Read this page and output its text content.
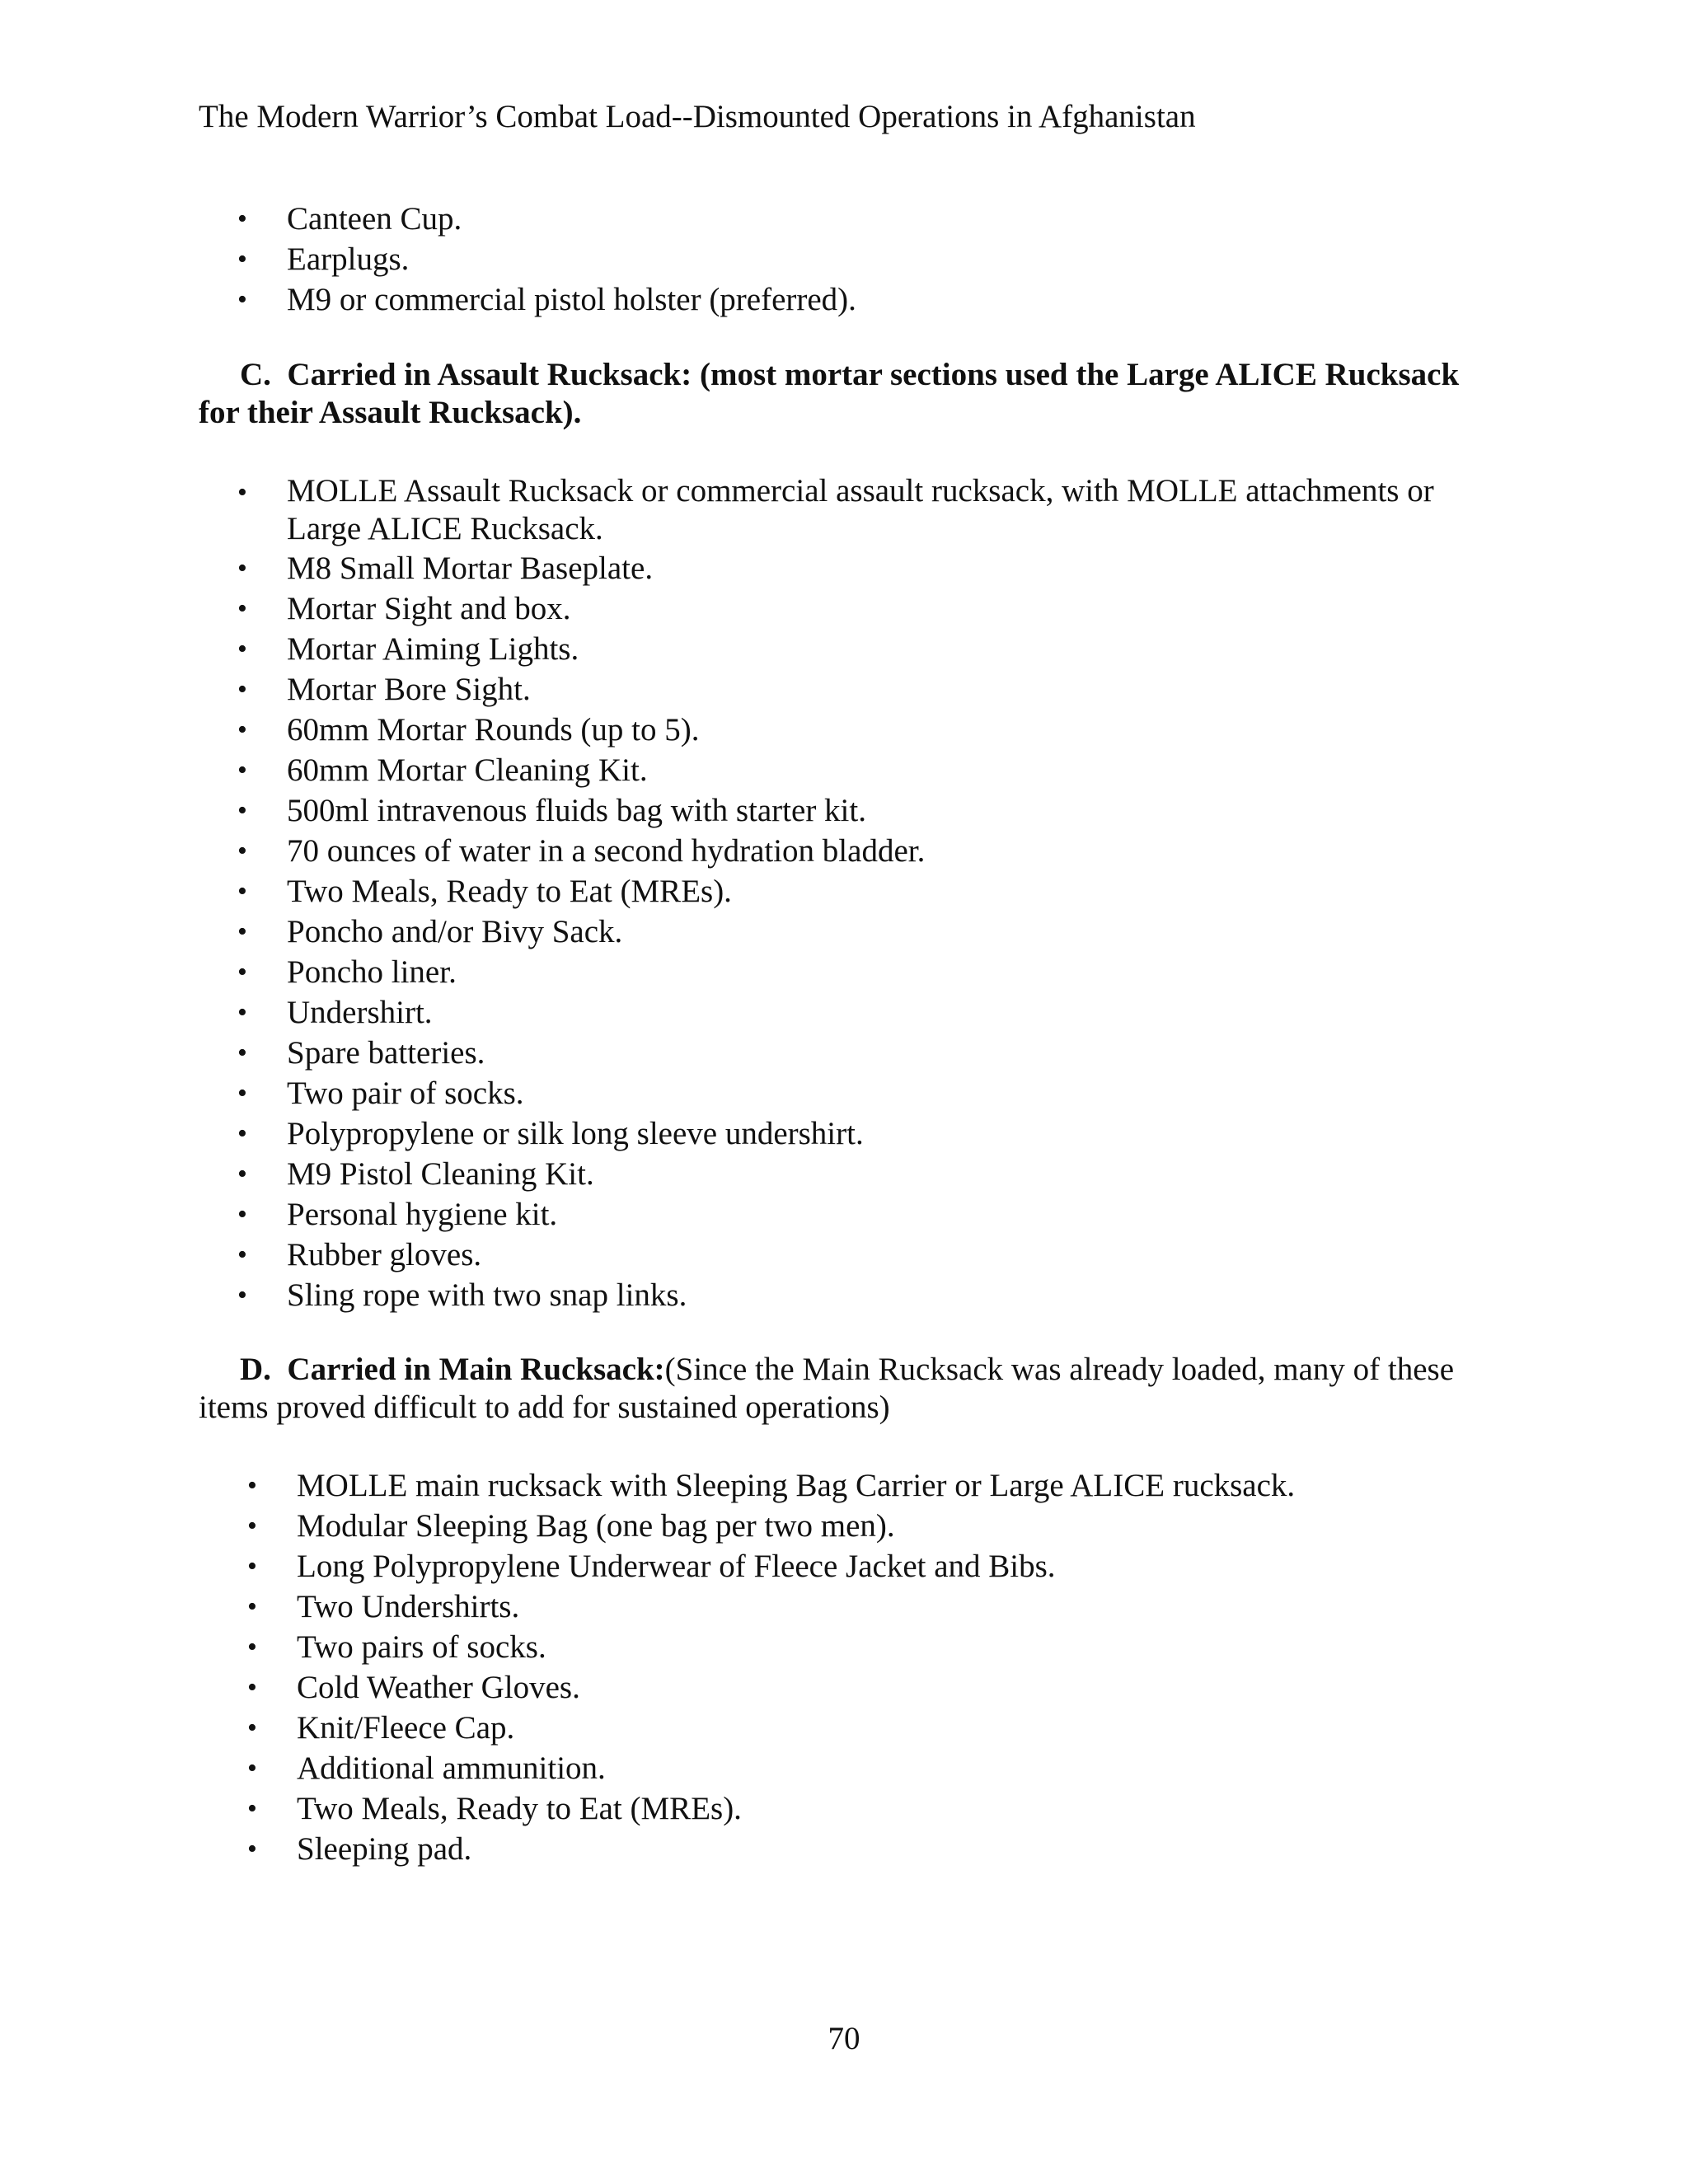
The Modern Warrior’s Combat Load--Dismounted Operations in Afghanistan
• Canteen Cup.
• Earplugs.
• M9 or commercial pistol holster (preferred).
C. Carried in Assault Rucksack: (most mortar sections used the Large ALICE Rucksack for their Assault Rucksack).
• MOLLE Assault Rucksack or commercial assault rucksack, with MOLLE attachments or Large ALICE Rucksack.
• M8 Small Mortar Baseplate.
• Mortar Sight and box.
• Mortar Aiming Lights.
• Mortar Bore Sight.
• 60mm Mortar Rounds (up to 5).
• 60mm Mortar Cleaning Kit.
• 500ml intravenous fluids bag with starter kit.
• 70 ounces of water in a second hydration bladder.
• Two Meals, Ready to Eat (MREs).
• Poncho and/or Bivy Sack.
• Poncho liner.
• Undershirt.
• Spare batteries.
• Two pair of socks.
• Polypropylene or silk long sleeve undershirt.
• M9 Pistol Cleaning Kit.
• Personal hygiene kit.
• Rubber gloves.
• Sling rope with two snap links.
D. Carried in Main Rucksack:(Since the Main Rucksack was already loaded, many of these items proved difficult to add for sustained operations)
• MOLLE main rucksack with Sleeping Bag Carrier or Large ALICE rucksack.
• Modular Sleeping Bag (one bag per two men).
• Long Polypropylene Underwear of Fleece Jacket and Bibs.
• Two Undershirts.
• Two pairs of socks.
• Cold Weather Gloves.
• Knit/Fleece Cap.
• Additional ammunition.
• Two Meals, Ready to Eat (MREs).
• Sleeping pad.
70
